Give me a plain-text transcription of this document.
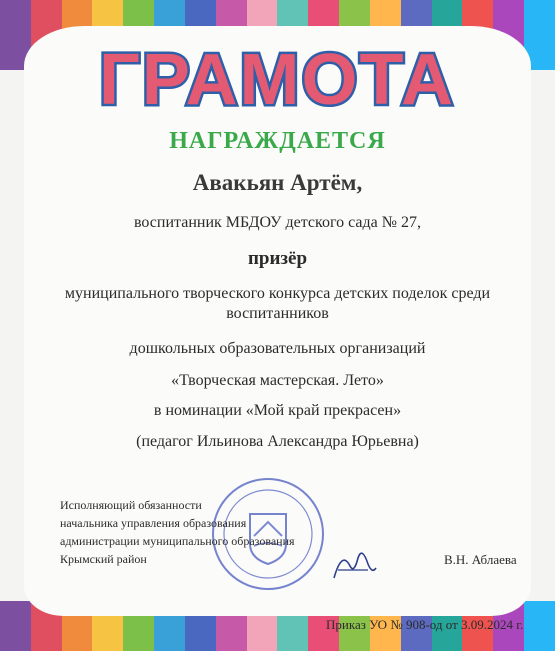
ГРАМОТА
НАГРАЖДАЕТСЯ
Авакьян Артём,
воспитанник МБДОУ детского сада № 27,
призёр
муниципального творческого конкурса детских поделок среди
воспитанников
дошкольных образовательных организаций
«Творческая мастерская. Лето»
в номинации «Мой край прекрасен»
(педагог Ильинова Александра Юрьевна)
Исполняющий обязанности
начальника управления образования
администрации муниципального образования
Крымский район	В.Н. Аблаева
Приказ УО № 908-од от 3.09.2024 г.
